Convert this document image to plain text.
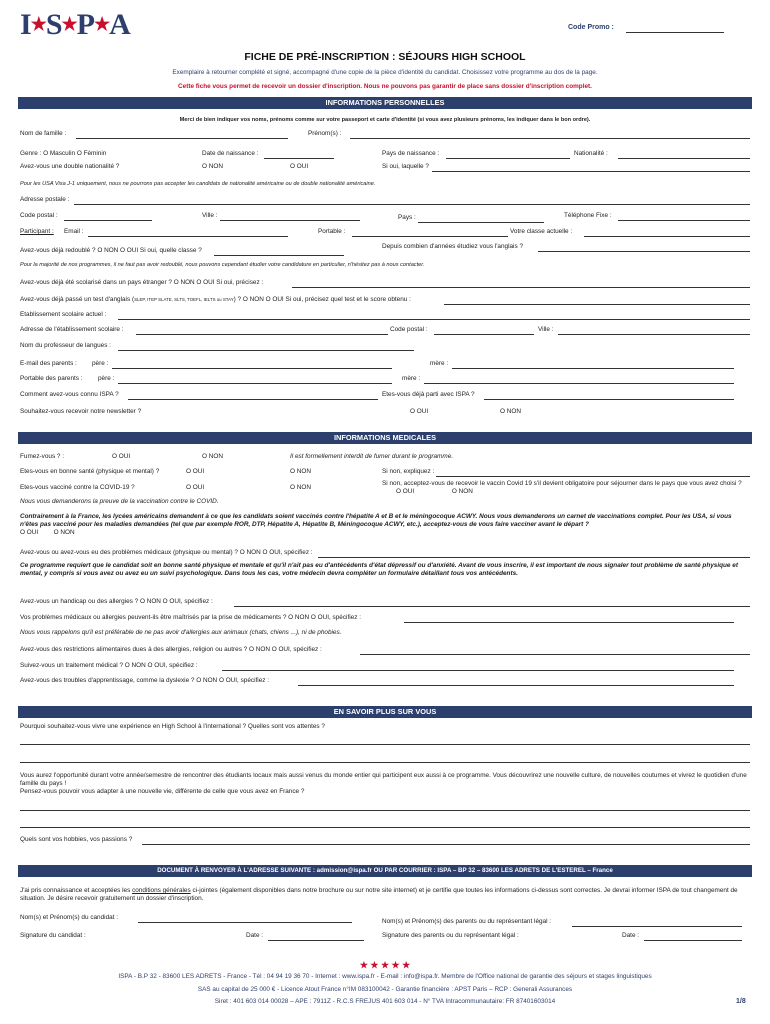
I★S★P★A	Code Promo :
FICHE DE PRÉ-INSCRIPTION : SÉJOURS HIGH SCHOOL
Exemplaire à retourner complété et signé, accompagné d'une copie de la pièce d'identité du candidat. Choisissez votre programme au dos de la page.
Cette fiche vous permet de recevoir un dossier d'inscription. Nous ne pouvons pas garantir de place sans dossier d'inscription complet.
INFORMATIONS PERSONNELLES
Merci de bien indiquer vos noms, prénoms comme sur votre passeport et carte d'identité (si vous avez plusieurs prénoms, les indiquer dans le bon ordre).
Nom de famille :	Prénom(s) :
Genre : O Masculin O Féminin	Date de naissance :	Pays de naissance :	Nationalité :
Avez-vous une double nationalité ?	O NON	O OUI	Si oui, laquelle ?
Pour les USA Visa J-1 uniquement, nous ne pourrons pas accepter les candidats de nationalité américaine ou de double nationalité américaine.
Adresse postale :
Code postal :	Ville :	Pays :	Téléphone Fixe :
Participant : Email :	Portable :	Votre classe actuelle :
Depuis combien d'années étudiez vous l'anglais ?
Avez-vous déjà redoublé ? O NON O OUI Si oui, quelle classe ?
Pour la majorité de nos programmes, il ne faut pas avoir redoublé, nous pouvons cependant étudier votre candidature en particulier, n'hésitez pas à nous contacter.
Avez-vous déjà été scolarisé dans un pays étranger ? O NON O OUI Si oui, précisez :
Avez-vous déjà passé un test d'anglais (SLEP, ITEP SLATE, SLTS, TOEFL, IELTS ou STAY) ? O NON O OUI Si oui, précisez quel test et le score obtenu :
Etablissement scolaire actuel :
Adresse de l'établissement scolaire :	Code postal :	Ville :
Nom du professeur de langues :
E-mail des parents : père :	mère :
Portable des parents : père :	mère :
Comment avez-vous connu ISPA ?	Etes-vous déjà parti avec ISPA ?
Souhaitez-vous recevoir notre newsletter ?	O OUI	O NON
INFORMATIONS MEDICALES
Fumez-vous ? :	O OUI	O NON	Il est formellement interdit de fumer durant le programme.
Etes-vous en bonne santé (physique et mental) ?	O OUI	O NON	Si non, expliquez :
Etes-vous vacciné contre la COVID-19 ?	O OUI	O NON
Si non, acceptez-vous de recevoir le vaccin Covid 19 s'il devient obligatoire pour séjourner dans le pays que vous avez choisi ? O OUI	O NON
Nous vous demanderons la preuve de la vaccination contre le COVID.
Contrairement à la France, les lycées américains demandent à ce que les candidats soient vaccinés contre l'hépatite A et B et le méningocoque ACWY. Nous vous demanderons un carnet de vaccinations complet. Pour les USA, si vous n'êtes pas vacciné pour les maladies demandées (tel que par exemple ROR, DTP, Hépatite A, Hépatite B, Méningocoque ACWY, etc.), acceptez-vous de vous faire vacciner avant le départ ?
O OUI O NON
Avez-vous ou avez-vous eu des problèmes médicaux (physique ou mental) ? O NON O OUI, spécifiez :
Ce programme requiert que le candidat soit en bonne santé physique et mentale et qu'il n'ait pas eu d'antécédents d'état dépressif ou d'anxiété. Avant de vous inscrire, il est important de nous signaler tout problème de santé physique et mental, y compris si vous avez ou avez eu un suivi psychologique. Dans tous les cas, votre médecin devra compléter un formulaire détaillant tous vos antécédents.
Avez-vous un handicap ou des allergies ? O NON O OUI, spécifiez :
Vos problèmes médicaux ou allergies peuvent-ils être maîtrisés par la prise de médicaments ? O NON O OUI, spécifiez :
Nous vous rappelons qu'il est préférable de ne pas avoir d'allergies aux animaux (chats, chiens ...), ni de phobies.
Avez-vous des restrictions alimentaires dues à des allergies, religion ou autres ? O NON O OUI, spécifiez :
Suivez-vous un traitement médical ? O NON O OUI, spécifiez :
Avez-vous des troubles d'apprentissage, comme la dyslexie ? O NON O OUI, spécifiez :
EN SAVOIR PLUS SUR VOUS
Pourquoi souhaitez-vous vivre une expérience en High School à l'international ? Quelles sont vos attentes ?
Vous aurez l'opportunité durant votre année/semestre de rencontrer des étudiants locaux mais aussi venus du monde entier qui participent eux aussi à ce programme. Vous découvrirez une nouvelle culture, de nouvelles coutumes et vivrez le quotidien d'une famille du pays !
Pensez-vous pouvoir vous adapter à une nouvelle vie, différente de celle que vous avez en France ?
Quels sont vos hobbies, vos passions ?
DOCUMENT À RENVOYER À L'ADRESSE SUIVANTE : admission@ispa.fr OU PAR COURRIER : ISPA – BP 32 – 83600 LES ADRETS DE L'ESTEREL – France
J'ai pris connaissance et acceptées les conditions générales ci-jointes (également disponibles dans notre brochure ou sur notre site internet) et je certifie que toutes les informations ci-dessus sont correctes. Je devrai informer ISPA de tout changement de situation. Je désire recevoir gratuitement un dossier d'inscription.
Nom(s) et Prénom(s) du candidat :
Nom(s) et Prénom(s) des parents ou du représentant légal :
Signature du candidat :	Date :	Signature des parents ou du représentant légal :	Date :
★ ★ ★ ★ ★
ISPA - B.P 32 - 83600 LES ADRETS - France - Tél : 04 94 19 36 70 - Internet : www.ispa.fr - E-mail : info@ispa.fr. Membre de l'Office national de garantie des séjours et stages linguistiques
SAS au capital de 25 000 € - Licence Atout France n°IM 083100042 - Garantie financière : APST Paris – RCP : Generali Assurances
Siret : 401 603 014 00028 – APE : 7911Z - R.C.S FREJUS 401 603 014 - N° TVA Intracommunautaire: FR 87401603014	1/8
